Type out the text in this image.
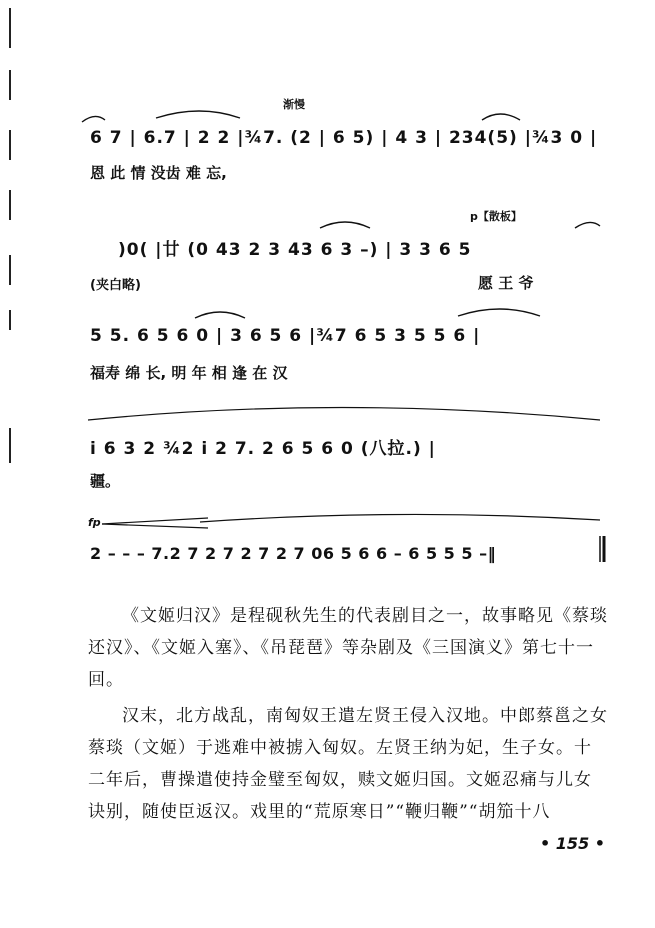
渐慢
6 7 | 6.7 | 2 2 |¾7. (2 | 6 5) | 4 3 | 234(5) |¾3 0 |
恩 此 情 没齿 难 忘,
p【散板】
)0( |廿 (0 43 2 3 43 6 3 –) | 3 3 6 5
(夹白略)	愿 王 爷
5 5. 6 5 6 0 | 3 6 5 6 |¾7 6 5 3 5 5 6 |
福寿 绵 长, 明 年 相 逢 在 汉
i 6 3 2 ¾2 i 2 7. 2 6 5 6 0 (八拉.) |
疆。
fp
2 – – – 7.2 7 2 7 2 7 2 7 06 5 6 6 – 6 5 5 5 –‖
《文姬归汉》是程砚秋先生的代表剧目之一，故事略见《蔡琰还汉》、《文姬入塞》、《吊琵琶》等杂剧及《三国演义》第七十一回。
汉末，北方战乱，南匈奴王遣左贤王侵入汉地。中郎蔡邕之女蔡琰（文姬）于逃难中被掳入匈奴。左贤王纳为妃，生子女。十二年后，曹操遣使持金璧至匈奴，赎文姬归国。文姬忍痛与儿女诀别，随使臣返汉。戏里的“荒原寒日”“鞭归鞭”“胡笳十八
• 155 •
